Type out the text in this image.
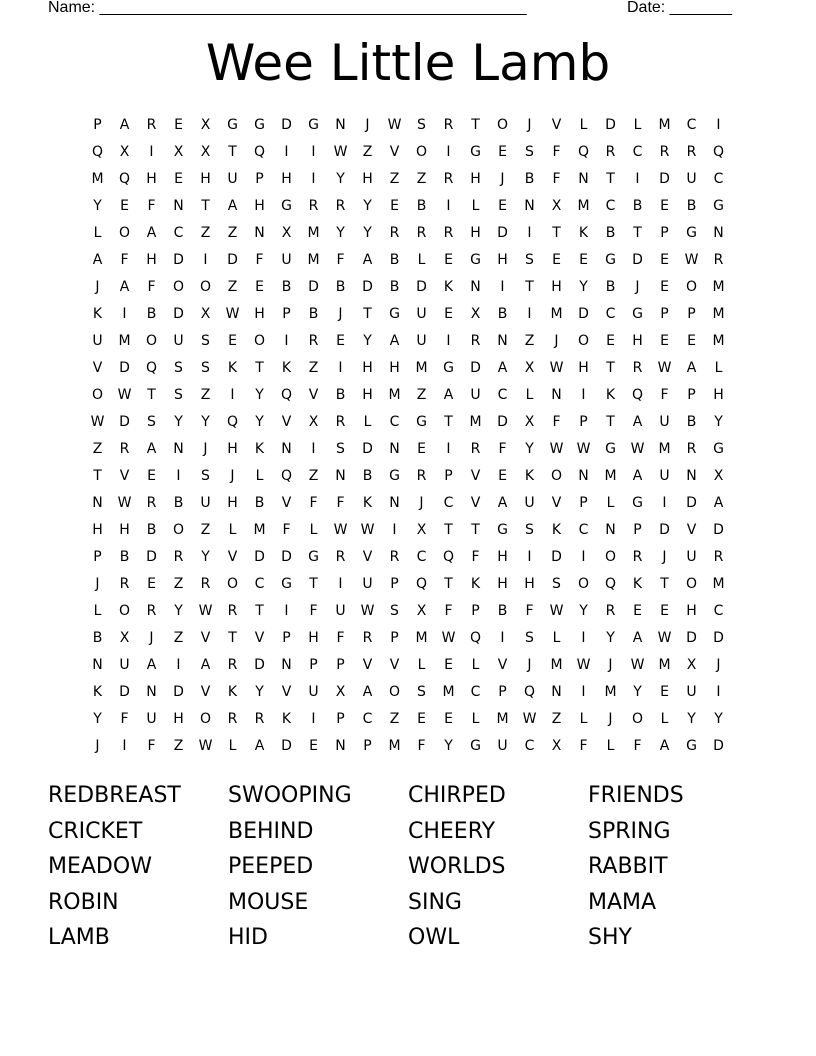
Name: ________________________________________________	Date: _______
Wee Little Lamb
P	A	R	E	X	G	G	D	G	N	J	W	S	R	T	O	J	V	L	D	L	M	C	I
Q	X	I	X	X	T	Q	I	I	W	Z	V	O	I	G	E	S	F	Q	R	C	R	R	Q
M	Q	H	E	H	U	P	H	I	Y	H	Z	Z	R	H	J	B	F	N	T	I	D	U	C
Y	E	F	N	T	A	H	G	R	R	Y	E	B	I	L	E	N	X	M	C	B	E	B	G
L	O	A	C	Z	Z	N	X	M	Y	Y	R	R	R	H	D	I	T	K	B	T	P	G	N
A	F	H	D	I	D	F	U	M	F	A	B	L	E	G	H	S	E	E	G	D	E	W	R
J	A	F	O	O	Z	E	B	D	B	D	B	D	K	N	I	T	H	Y	B	J	E	O	M
K	I	B	D	X	W	H	P	B	J	T	G	U	E	X	B	I	M	D	C	G	P	P	M
U	M	O	U	S	E	O	I	R	E	Y	A	U	I	R	N	Z	J	O	E	H	E	E	M
V	D	Q	S	S	K	T	K	Z	I	H	H	M	G	D	A	X	W	H	T	R	W	A	L
O	W	T	S	Z	I	Y	Q	V	B	H	M	Z	A	U	C	L	N	I	K	Q	F	P	H
W	D	S	Y	Y	Q	Y	V	X	R	L	C	G	T	M	D	X	F	P	T	A	U	B	Y
Z	R	A	N	J	H	K	N	I	S	D	N	E	I	R	F	Y	W W	G	W	M	R	G
T	V	E	I	S	J	L	Q	Z	N	B	G	R	P	V	E	K	O	N	M	A	U	N	X
N	W	R	B	U	H	B	V	F	F	K	N	J	C	V	A	U	V	P	L	G	I	D	A
H	H	B	O	Z	L	M	F	L	W W	I	X	T	T	G	S	K	C	N	P	D	V	D
P	B	D	R	Y	V	D	D	G	R	V	R	C	Q	F	H	I	D	I	O	R	J	U	R
J	R	E	Z	R	O	C	G	T	I	U	P	Q	T	K	H	H	S	O	Q	K	T	O	M
L	O	R	Y	W	R	T	I	F	U	W	S	X	F	P	B	F	W	Y	R	E	E	H	C
B	X	J	Z	V	T	V	P	H	F	R	P	M	W	Q	I	S	L	I	Y	A	W	D	D
N	U	A	I	A	R	D	N	P	P	V	V	L	E	L	V	J	M	W	J	W	M	X	J
K	D	N	D	V	K	Y	V	U	X	A	O	S	M	C	P	Q	N	I	M	Y	E	U	I
Y	F	U	H	O	R	R	K	I	P	C	Z	E	E	L	M	W	Z	L	J	O	L	Y	Y
J	I	F	Z	W	L	A	D	E	N	P	M	F	Y	G	U	C	X	F	L	F	A	G	D
REDBREAST SWOOPING	CHIRPED	FRIENDS
CRICKET	BEHIND	CHEERY	SPRING
MEADOW	PEEPED	WORLDS	RABBIT
ROBIN	MOUSE	SING	MAMA
LAMB	HID	OWL	SHY
